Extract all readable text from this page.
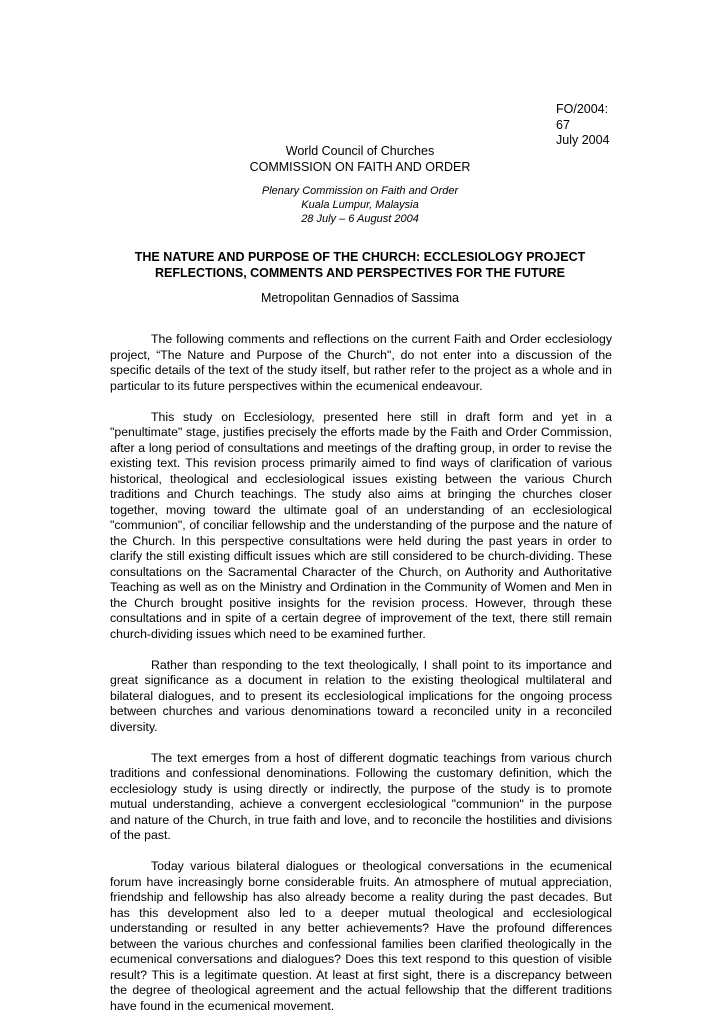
FO/2004:
67
July 2004
World Council of Churches
COMMISSION ON FAITH AND ORDER
Plenary Commission on Faith and Order
Kuala Lumpur, Malaysia
28 July – 6 August 2004
THE NATURE AND PURPOSE OF THE CHURCH: ECCLESIOLOGY PROJECT
REFLECTIONS, COMMENTS AND PERSPECTIVES FOR THE FUTURE
Metropolitan Gennadios of Sassima

The following comments and reflections on the current Faith and Order ecclesiology project, “The Nature and Purpose of the Church", do not enter into a discussion of the specific details of the text of the study itself, but rather refer to the project as a whole and in particular to its future perspectives within the ecumenical endeavour.

This study on Ecclesiology, presented here still in draft form and yet in a "penultimate" stage, justifies precisely the efforts made by the Faith and Order Commission, after a long period of consultations and meetings of the drafting group, in order to revise the existing text. This revision process primarily aimed to find ways of clarification of various historical, theological and ecclesiological issues existing between the various Church traditions and Church teachings. The study also aims at bringing the churches closer together, moving toward the ultimate goal of an understanding of an ecclesiological "communion", of conciliar fellowship and the understanding of the purpose and the nature of the Church. In this perspective consultations were held during the past years in order to clarify the still existing difficult issues which are still considered to be church-dividing. These consultations on the Sacramental Character of the Church, on Authority and Authoritative Teaching as well as on the Ministry and Ordination in the Community of Women and Men in the Church brought positive insights for the revision process. However, through these consultations and in spite of a certain degree of improvement of the text, there still remain church-dividing issues which need to be examined further.

Rather than responding to the text theologically, I shall point to its importance and great significance as a document in relation to the existing theological multilateral and bilateral dialogues, and to present its ecclesiological implications for the ongoing process between churches and various denominations toward a reconciled unity in a reconciled diversity.

The text emerges from a host of different dogmatic teachings from various church traditions and confessional denominations. Following the customary definition, which the ecclesiology study is using directly or indirectly, the purpose of the study is to promote mutual understanding, achieve a convergent ecclesiological "communion" in the purpose and nature of the Church, in true faith and love, and to reconcile the hostilities and divisions of the past.

Today various bilateral dialogues or theological conversations in the ecumenical forum have increasingly borne considerable fruits. An atmosphere of mutual appreciation, friendship and fellowship has also already become a reality during the past decades. But has this development also led to a deeper mutual theological and ecclesiological understanding or resulted in any better achievements? Have the profound differences between the various churches and confessional families been clarified theologically in the ecumenical conversations and dialogues? Does this text respond to this question of visible result? This is a legitimate question. At least at first sight, there is a discrepancy between the degree of theological agreement and the actual fellowship that the different traditions have found in the ecumenical movement.
